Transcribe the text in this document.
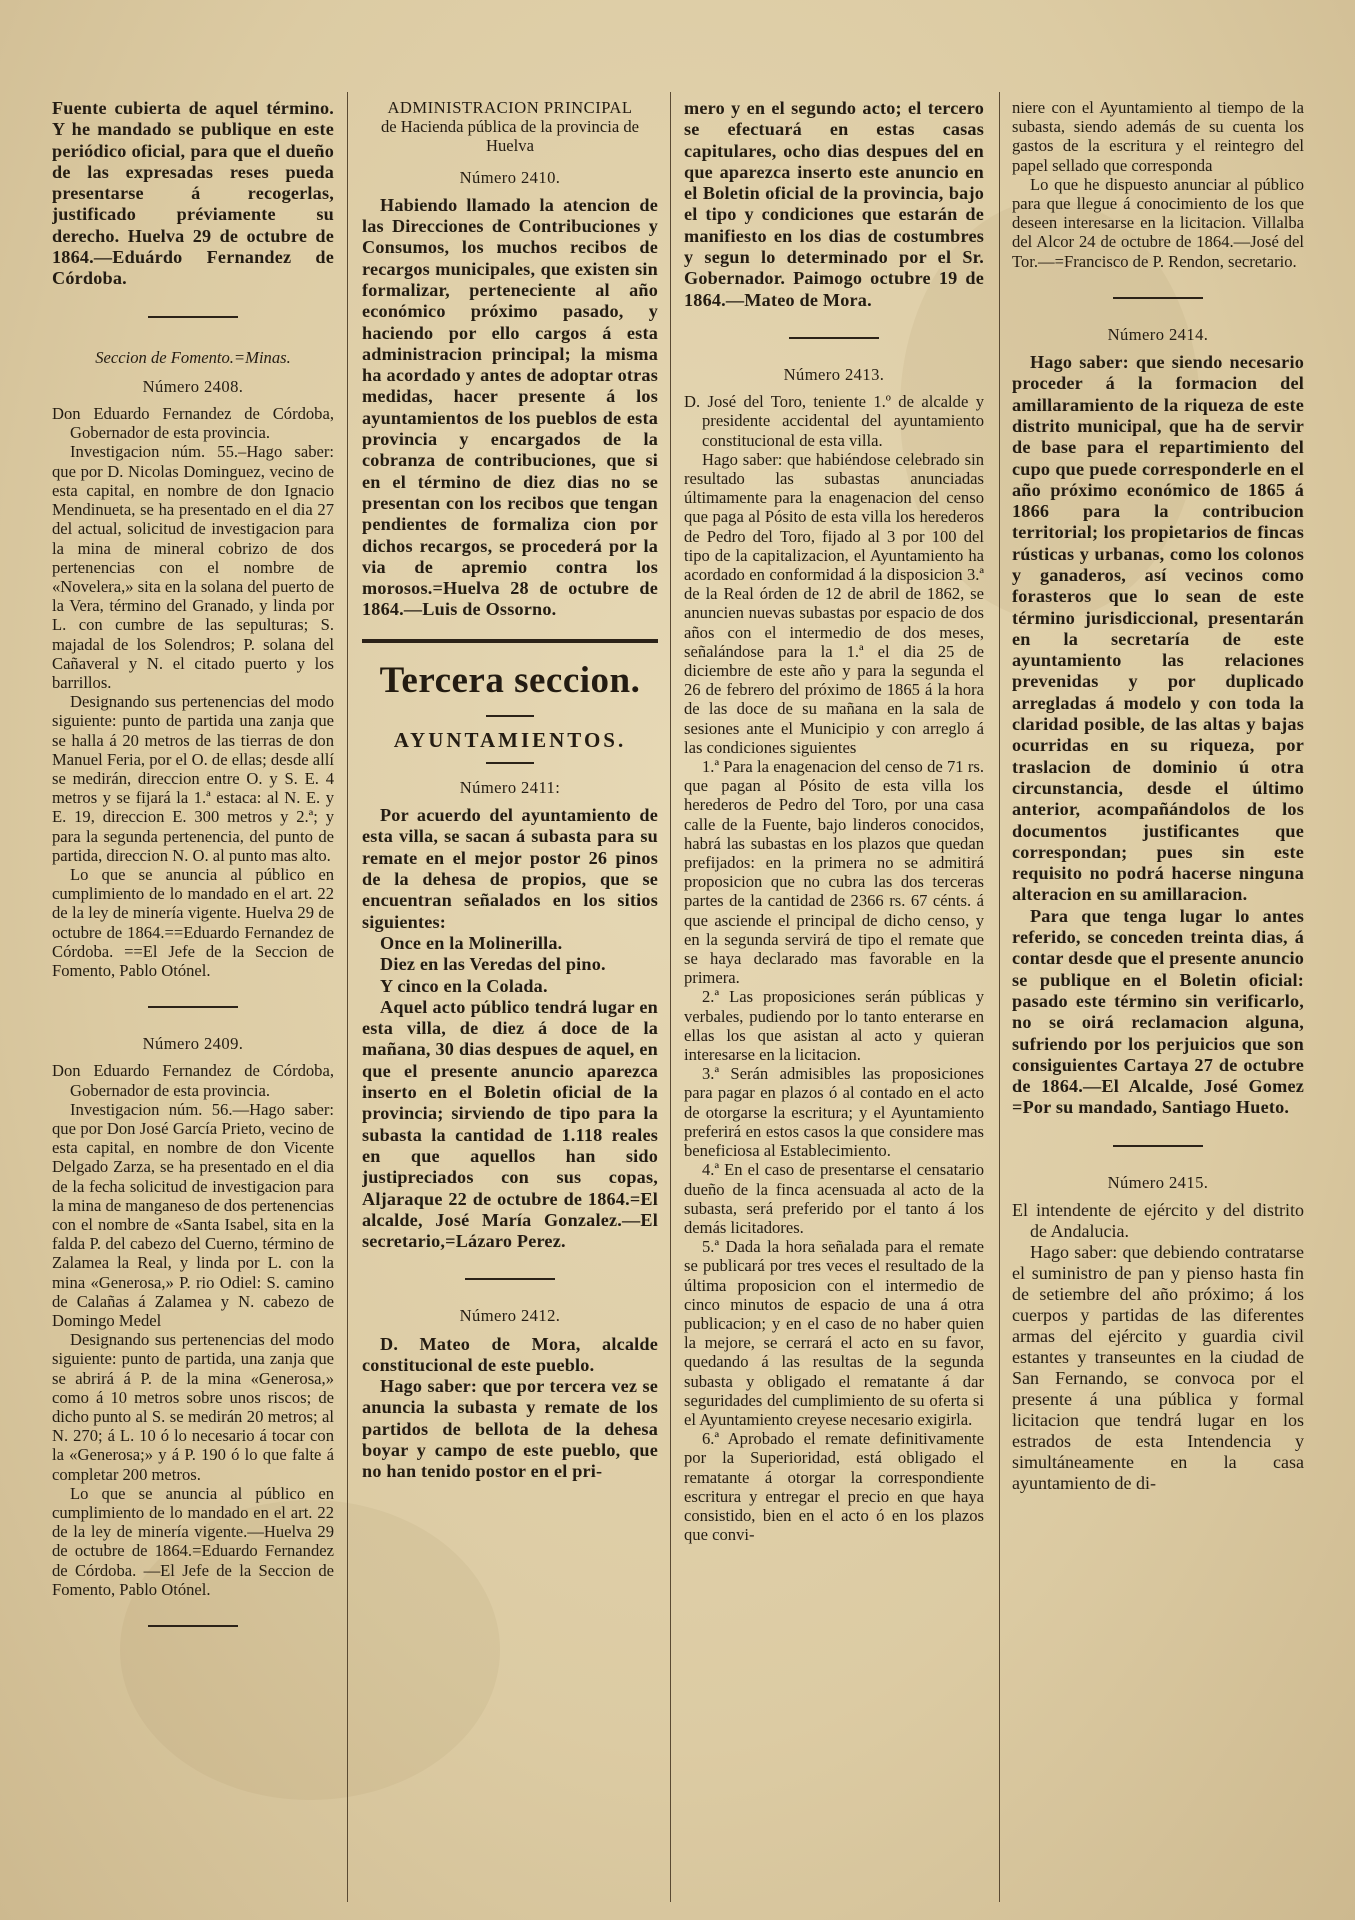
Fuente cubierta de aquel término. Y he mandado se publique en este periódico oficial, para que el dueño de las expresadas reses pueda presentarse á recogerlas, justificado préviamente su derecho. Huelva 29 de octubre de 1864.—Eduárdo Fernandez de Córdoba.

Seccion de Fomento.=Minas.

Número 2408.

Don Eduardo Fernandez de Córdoba, Gobernador de esta provincia.

Investigacion núm. 55.–Hago saber: que por D. Nicolas Dominguez, vecino de esta capital, en nombre de don Ignacio Mendinueta, se ha presentado en el dia 27 del actual, solicitud de investigacion para la mina de mineral cobrizo de dos pertenencias con el nombre de «Novelera,» sita en la solana del puerto de la Vera, término del Granado, y linda por L. con cumbre de las sepulturas; S. majadal de los Solendros; P. solana del Cañaveral y N. el citado puerto y los barrillos.

Designando sus pertenencias del modo siguiente: punto de partida una zanja que se halla á 20 metros de las tierras de don Manuel Feria, por el O. de ellas; desde allí se medirán, direccion entre O. y S. E. 4 metros y se fijará la 1.ª estaca: al N. E. y E. 19, direccion E. 300 metros y 2.ª; y para la segunda pertenencia, del punto de partida, direccion N. O. al punto mas alto.

Lo que se anuncia al público en cumplimiento de lo mandado en el art. 22 de la ley de minería vigente. Huelva 29 de octubre de 1864.==Eduardo Fernandez de Córdoba. ==El Jefe de la Seccion de Fomento, Pablo Otónel.

Número 2409.

Don Eduardo Fernandez de Córdoba, Gobernador de esta provincia.

Investigacion núm. 56.—Hago saber: que por Don José García Prieto, vecino de esta capital, en nombre de don Vicente Delgado Zarza, se ha presentado en el dia de la fecha solicitud de investigacion para la mina de manganeso de dos pertenencias con el nombre de «Santa Isabel, sita en la falda P. del cabezo del Cuerno, término de Zalamea la Real, y linda por L. con la mina «Generosa,» P. rio Odiel: S. camino de Calañas á Zalamea y N. cabezo de Domingo Medel

Designando sus pertenencias del modo siguiente: punto de partida, una zanja que se abrirá á P. de la mina «Generosa,» como á 10 metros sobre unos riscos; de dicho punto al S. se medirán 20 metros; al N. 270; á L. 10 ó lo necesario á tocar con la «Generosa;» y á P. 190 ó lo que falte á completar 200 metros.

Lo que se anuncia al público en cumplimiento de lo mandado en el art. 22 de la ley de minería vigente.—Huelva 29 de octubre de 1864.=Eduardo Fernandez de Córdoba. —El Jefe de la Seccion de Fomento, Pablo Otónel.

ADMINISTRACION PRINCIPAL

de Hacienda pública de la provincia de Huelva

Número 2410.

Habiendo llamado la atencion de las Direcciones de Contribuciones y Consumos, los muchos recibos de recargos municipales, que existen sin formalizar, perteneciente al año económico próximo pasado, y haciendo por ello cargos á esta administracion principal; la misma ha acordado y antes de adoptar otras medidas, hacer presente á los ayuntamientos de los pueblos de esta provincia y encargados de la cobranza de contribuciones, que si en el término de diez dias no se presentan con los recibos que tengan pendientes de formaliza cion por dichos recargos, se procederá por la via de apremio contra los morosos.=Huelva 28 de octubre de 1864.—Luis de Ossorno.

Tercera seccion.

AYUNTAMIENTOS.

Número 2411:

Por acuerdo del ayuntamiento de esta villa, se sacan á subasta para su remate en el mejor postor 26 pinos de la dehesa de propios, que se encuentran señalados en los sitios siguientes:

Once en la Molinerilla.

Diez en las Veredas del pino.

Y cinco en la Colada.

Aquel acto público tendrá lugar en esta villa, de diez á doce de la mañana, 30 dias despues de aquel, en que el presente anuncio aparezca inserto en el Boletin oficial de la provincia; sirviendo de tipo para la subasta la cantidad de 1.118 reales en que aquellos han sido justipreciados con sus copas, Aljaraque 22 de octubre de 1864.=El alcalde, José María Gonzalez.—El secretario,=Lázaro Perez.

Número 2412.

D. Mateo de Mora, alcalde constitucional de este pueblo.

Hago saber: que por tercera vez se anuncia la subasta y remate de los partidos de bellota de la dehesa boyar y campo de este pueblo, que no han tenido postor en el pri-

mero y en el segundo acto; el tercero se efectuará en estas casas capitulares, ocho dias despues del en que aparezca inserto este anuncio en el Boletin oficial de la provincia, bajo el tipo y condiciones que estarán de manifiesto en los dias de costumbres y segun lo determinado por el Sr. Gobernador. Paimogo octubre 19 de 1864.—Mateo de Mora.

Número 2413.

D. José del Toro, teniente 1.º de alcalde y presidente accidental del ayuntamiento constitucional de esta villa.

Hago saber: que habiéndose celebrado sin resultado las subastas anunciadas últimamente para la enagenacion del censo que paga al Pósito de esta villa los herederos de Pedro del Toro, fijado al 3 por 100 del tipo de la capitalizacion, el Ayuntamiento ha acordado en conformidad á la disposicion 3.ª de la Real órden de 12 de abril de 1862, se anuncien nuevas subastas por espacio de dos años con el intermedio de dos meses, señalándose para la 1.ª el dia 25 de diciembre de este año y para la segunda el 26 de febrero del próximo de 1865 á la hora de las doce de su mañana en la sala de sesiones ante el Municipio y con arreglo á las condiciones siguientes

1.ª Para la enagenacion del censo de 71 rs. que pagan al Pósito de esta villa los herederos de Pedro del Toro, por una casa calle de la Fuente, bajo linderos conocidos, habrá las subastas en los plazos que quedan prefijados: en la primera no se admitirá proposicion que no cubra las dos terceras partes de la cantidad de 2366 rs. 67 cénts. á que asciende el principal de dicho censo, y en la segunda servirá de tipo el remate que se haya declarado mas favorable en la primera.

2.ª Las proposiciones serán públicas y verbales, pudiendo por lo tanto enterarse en ellas los que asistan al acto y quieran interesarse en la licitacion.

3.ª Serán admisibles las proposiciones para pagar en plazos ó al contado en el acto de otorgarse la escritura; y el Ayuntamiento preferirá en estos casos la que considere mas beneficiosa al Establecimiento.

4.ª En el caso de presentarse el censatario dueño de la finca acensuada al acto de la subasta, será preferido por el tanto á los demás licitadores.

5.ª Dada la hora señalada para el remate se publicará por tres veces el resultado de la última proposicion con el intermedio de cinco minutos de espacio de una á otra publicacion; y en el caso de no haber quien la mejore, se cerrará el acto en su favor, quedando á las resultas de la segunda subasta y obligado el rematante á dar seguridades del cumplimiento de su oferta si el Ayuntamiento creyese necesario exigirla.

6.ª Aprobado el remate definitivamente por la Superioridad, está obligado el rematante á otorgar la correspondiente escritura y entregar el precio en que haya consistido, bien en el acto ó en los plazos que convi-

niere con el Ayuntamiento al tiempo de la subasta, siendo además de su cuenta los gastos de la escritura y el reintegro del papel sellado que corresponda

Lo que he dispuesto anunciar al público para que llegue á conocimiento de los que deseen interesarse en la licitacion. Villalba del Alcor 24 de octubre de 1864.—José del Tor.—=Francisco de P. Rendon, secretario.

Número 2414.

Hago saber: que siendo necesario proceder á la formacion del amillaramiento de la riqueza de este distrito municipal, que ha de servir de base para el repartimiento del cupo que puede corresponderle en el año próximo económico de 1865 á 1866 para la contribucion territorial; los propietarios de fincas rústicas y urbanas, como los colonos y ganaderos, así vecinos como forasteros que lo sean de este término jurisdiccional, presentarán en la secretaría de este ayuntamiento las relaciones prevenidas y por duplicado arregladas á modelo y con toda la claridad posible, de las altas y bajas ocurridas en su riqueza, por traslacion de dominio ú otra circunstancia, desde el último anterior, acompañándolos de los documentos justificantes que correspondan; pues sin este requisito no podrá hacerse ninguna alteracion en su amillaracion.

Para que tenga lugar lo antes referido, se conceden treinta dias, á contar desde que el presente anuncio se publique en el Boletin oficial: pasado este término sin verificarlo, no se oirá reclamacion alguna, sufriendo por los perjuicios que son consiguientes Cartaya 27 de octubre de 1864.—El Alcalde, José Gomez =Por su mandado, Santiago Hueto.

Número 2415.

El intendente de ejército y del distrito de Andalucia.

Hago saber: que debiendo contratarse el suministro de pan y pienso hasta fin de setiembre del año próximo; á los cuerpos y partidas de las diferentes armas del ejército y guardia civil estantes y transeuntes en la ciudad de San Fernando, se convoca por el presente á una pública y formal licitacion que tendrá lugar en los estrados de esta Intendencia y simultáneamente en la casa ayuntamiento de di-
